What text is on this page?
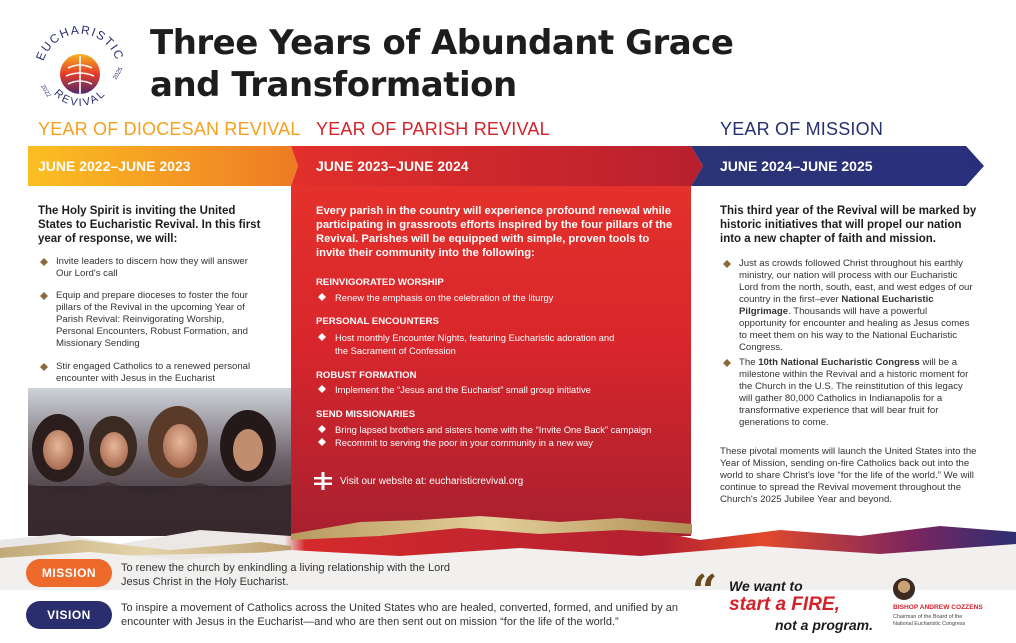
EUCHARISTIC
REVIVAL
2022
2025
Three Years of Abundant Grace
and Transformation
YEAR OF DIOCESAN REVIVAL YEAR OF PARISH REVIVAL	YEAR OF MISSION
JUNE 2022–JUNE 2023	JUNE 2023–JUNE 2024	JUNE 2024–JUNE 2025
The Holy Spirit is inviting the United States to Eucharistic Revival. In this first year of response, we will:
Invite leaders to discern how they will answer Our Lord's call
Equip and prepare dioceses to foster the four pillars of the Revival in the upcoming Year of Parish Revival: Reinvigorating Worship, Personal Encounters, Robust Formation, and Missionary Sending
Stir engaged Catholics to a renewed personal encounter with Jesus in the Eucharist
Every parish in the country will experience profound renewal while participating in grassroots efforts inspired by the four pillars of the Revival. Parishes will be equipped with simple, proven tools to invite their community into the following:
REINVIGORATED WORSHIP
Renew the emphasis on the celebration of the liturgy
PERSONAL ENCOUNTERS
Host monthly Encounter Nights, featuring Eucharistic adoration and the Sacrament of Confession
ROBUST FORMATION
Implement the “Jesus and the Eucharist” small group initiative
SEND MISSIONARIES
Bring lapsed brothers and sisters home with the “Invite One Back” campaign
Recommit to serving the poor in your community in a new way
Visit our website at: eucharisticrevival.org
This third year of the Revival will be marked by historic initiatives that will propel our nation into a new chapter of faith and mission.
Just as crowds followed Christ throughout his earthly ministry, our nation will process with our Eucharistic Lord from the north, south, east, and west edges of our country in the first–ever National Eucharistic Pilgrimage. Thousands will have a powerful opportunity for encounter and healing as Jesus comes to meet them on his way to the National Eucharistic Congress.
The 10th National Eucharistic Congress will be a milestone within the Revival and a historic moment for the Church in the U.S. The reinstitution of this legacy will gather 80,000 Catholics in Indianapolis for a transformative experience that will bear fruit for generations to come.
These pivotal moments will launch the United States into the Year of Mission, sending on-fire Catholics back out into the world to share Christ's love “for the life of the world.” We will continue to spread the Revival movement throughout the Church's 2025 Jubilee Year and beyond.
MISSION	To renew the church by enkindling a living relationship with the Lord Jesus Christ in the Holy Eucharist.
VISION	To inspire a movement of Catholics across the United States who are healed, converted, formed, and unified by an encounter with Jesus in the Eucharist—and who are then sent out on mission “for the life of the world.”
“ We want to
start a FIRE,
not a program.
BISHOP ANDREW COZZENS
Chairman of the Board of the National Eucharistic Congress
